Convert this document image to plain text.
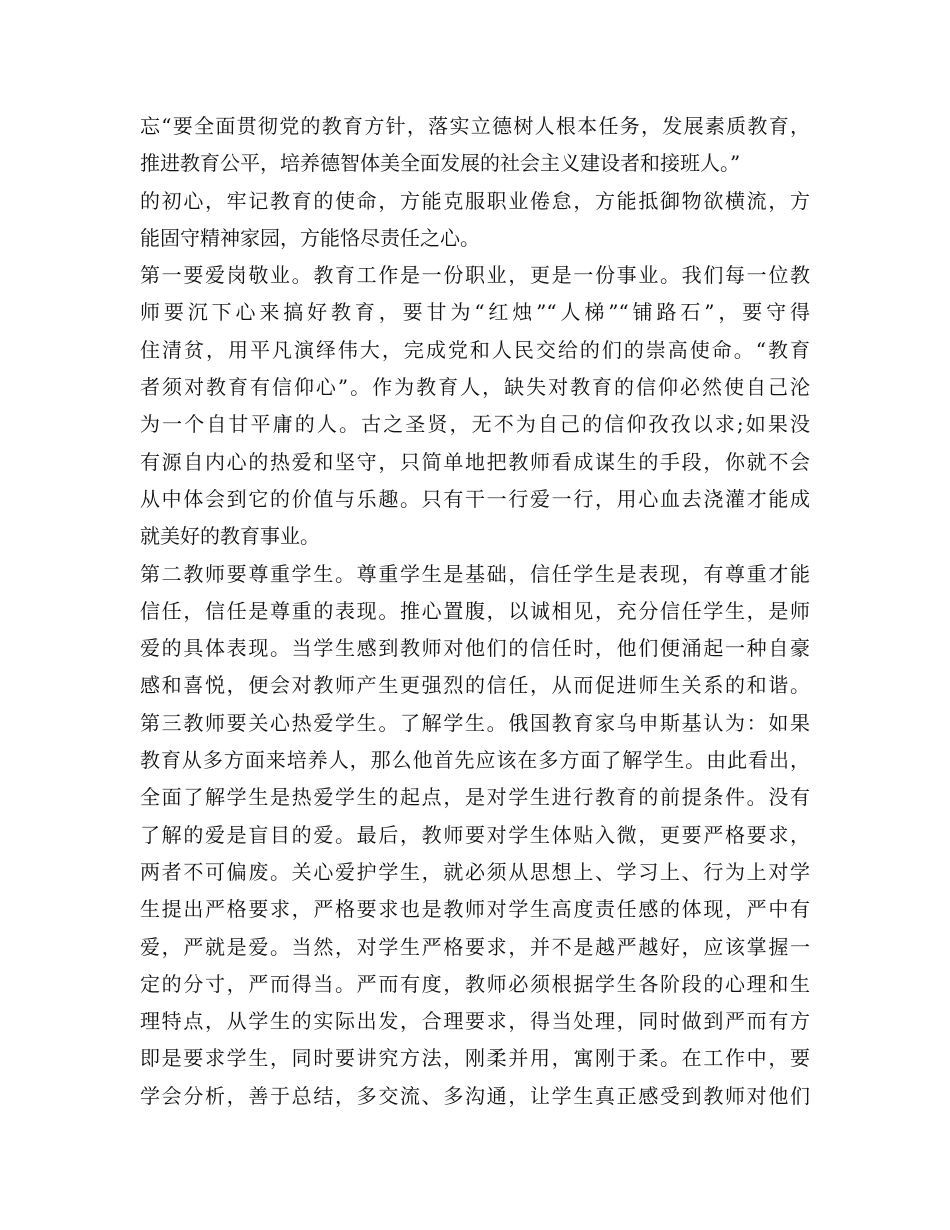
忘“要全面贯彻党的教育方针，落实立德树人根本任务，发展素质教育，
推进教育公平，培养德智体美全面发展的社会主义建设者和接班人。”
的初心，牢记教育的使命，方能克服职业倦怠，方能抵御物欲横流，方
能固守精神家园，方能恪尽责任之心。
第一要爱岗敬业。教育工作是一份职业，更是一份事业。我们每一位教
师要沉下心来搞好教育，要甘为“红烛”“人梯”“铺路石”，要守得
住清贫，用平凡演绎伟大，完成党和人民交给的们的崇高使命。“教育
者须对教育有信仰心”。作为教育人，缺失对教育的信仰必然使自己沦
为一个自甘平庸的人。古之圣贤，无不为自己的信仰孜孜以求;如果没
有源自内心的热爱和坚守，只简单地把教师看成谋生的手段，你就不会
从中体会到它的价值与乐趣。只有干一行爱一行，用心血去浇灌才能成
就美好的教育事业。
第二教师要尊重学生。尊重学生是基础，信任学生是表现，有尊重才能
信任，信任是尊重的表现。推心置腹，以诚相见，充分信任学生，是师
爱的具体表现。当学生感到教师对他们的信任时，他们便涌起一种自豪
感和喜悦，便会对教师产生更强烈的信任，从而促进师生关系的和谐。
第三教师要关心热爱学生。了解学生。俄国教育家乌申斯基认为：如果
教育从多方面来培养人，那么他首先应该在多方面了解学生。由此看出，
全面了解学生是热爱学生的起点，是对学生进行教育的前提条件。没有
了解的爱是盲目的爱。最后，教师要对学生体贴入微，更要严格要求，
两者不可偏废。关心爱护学生，就必须从思想上、学习上、行为上对学
生提出严格要求，严格要求也是教师对学生高度责任感的体现，严中有
爱，严就是爱。当然，对学生严格要求，并不是越严越好，应该掌握一
定的分寸，严而得当。严而有度，教师必须根据学生各阶段的心理和生
理特点，从学生的实际出发，合理要求，得当处理，同时做到严而有方
即是要求学生，同时要讲究方法，刚柔并用，寓刚于柔。在工作中，要
学会分析，善于总结，多交流、多沟通，让学生真正感受到教师对他们
